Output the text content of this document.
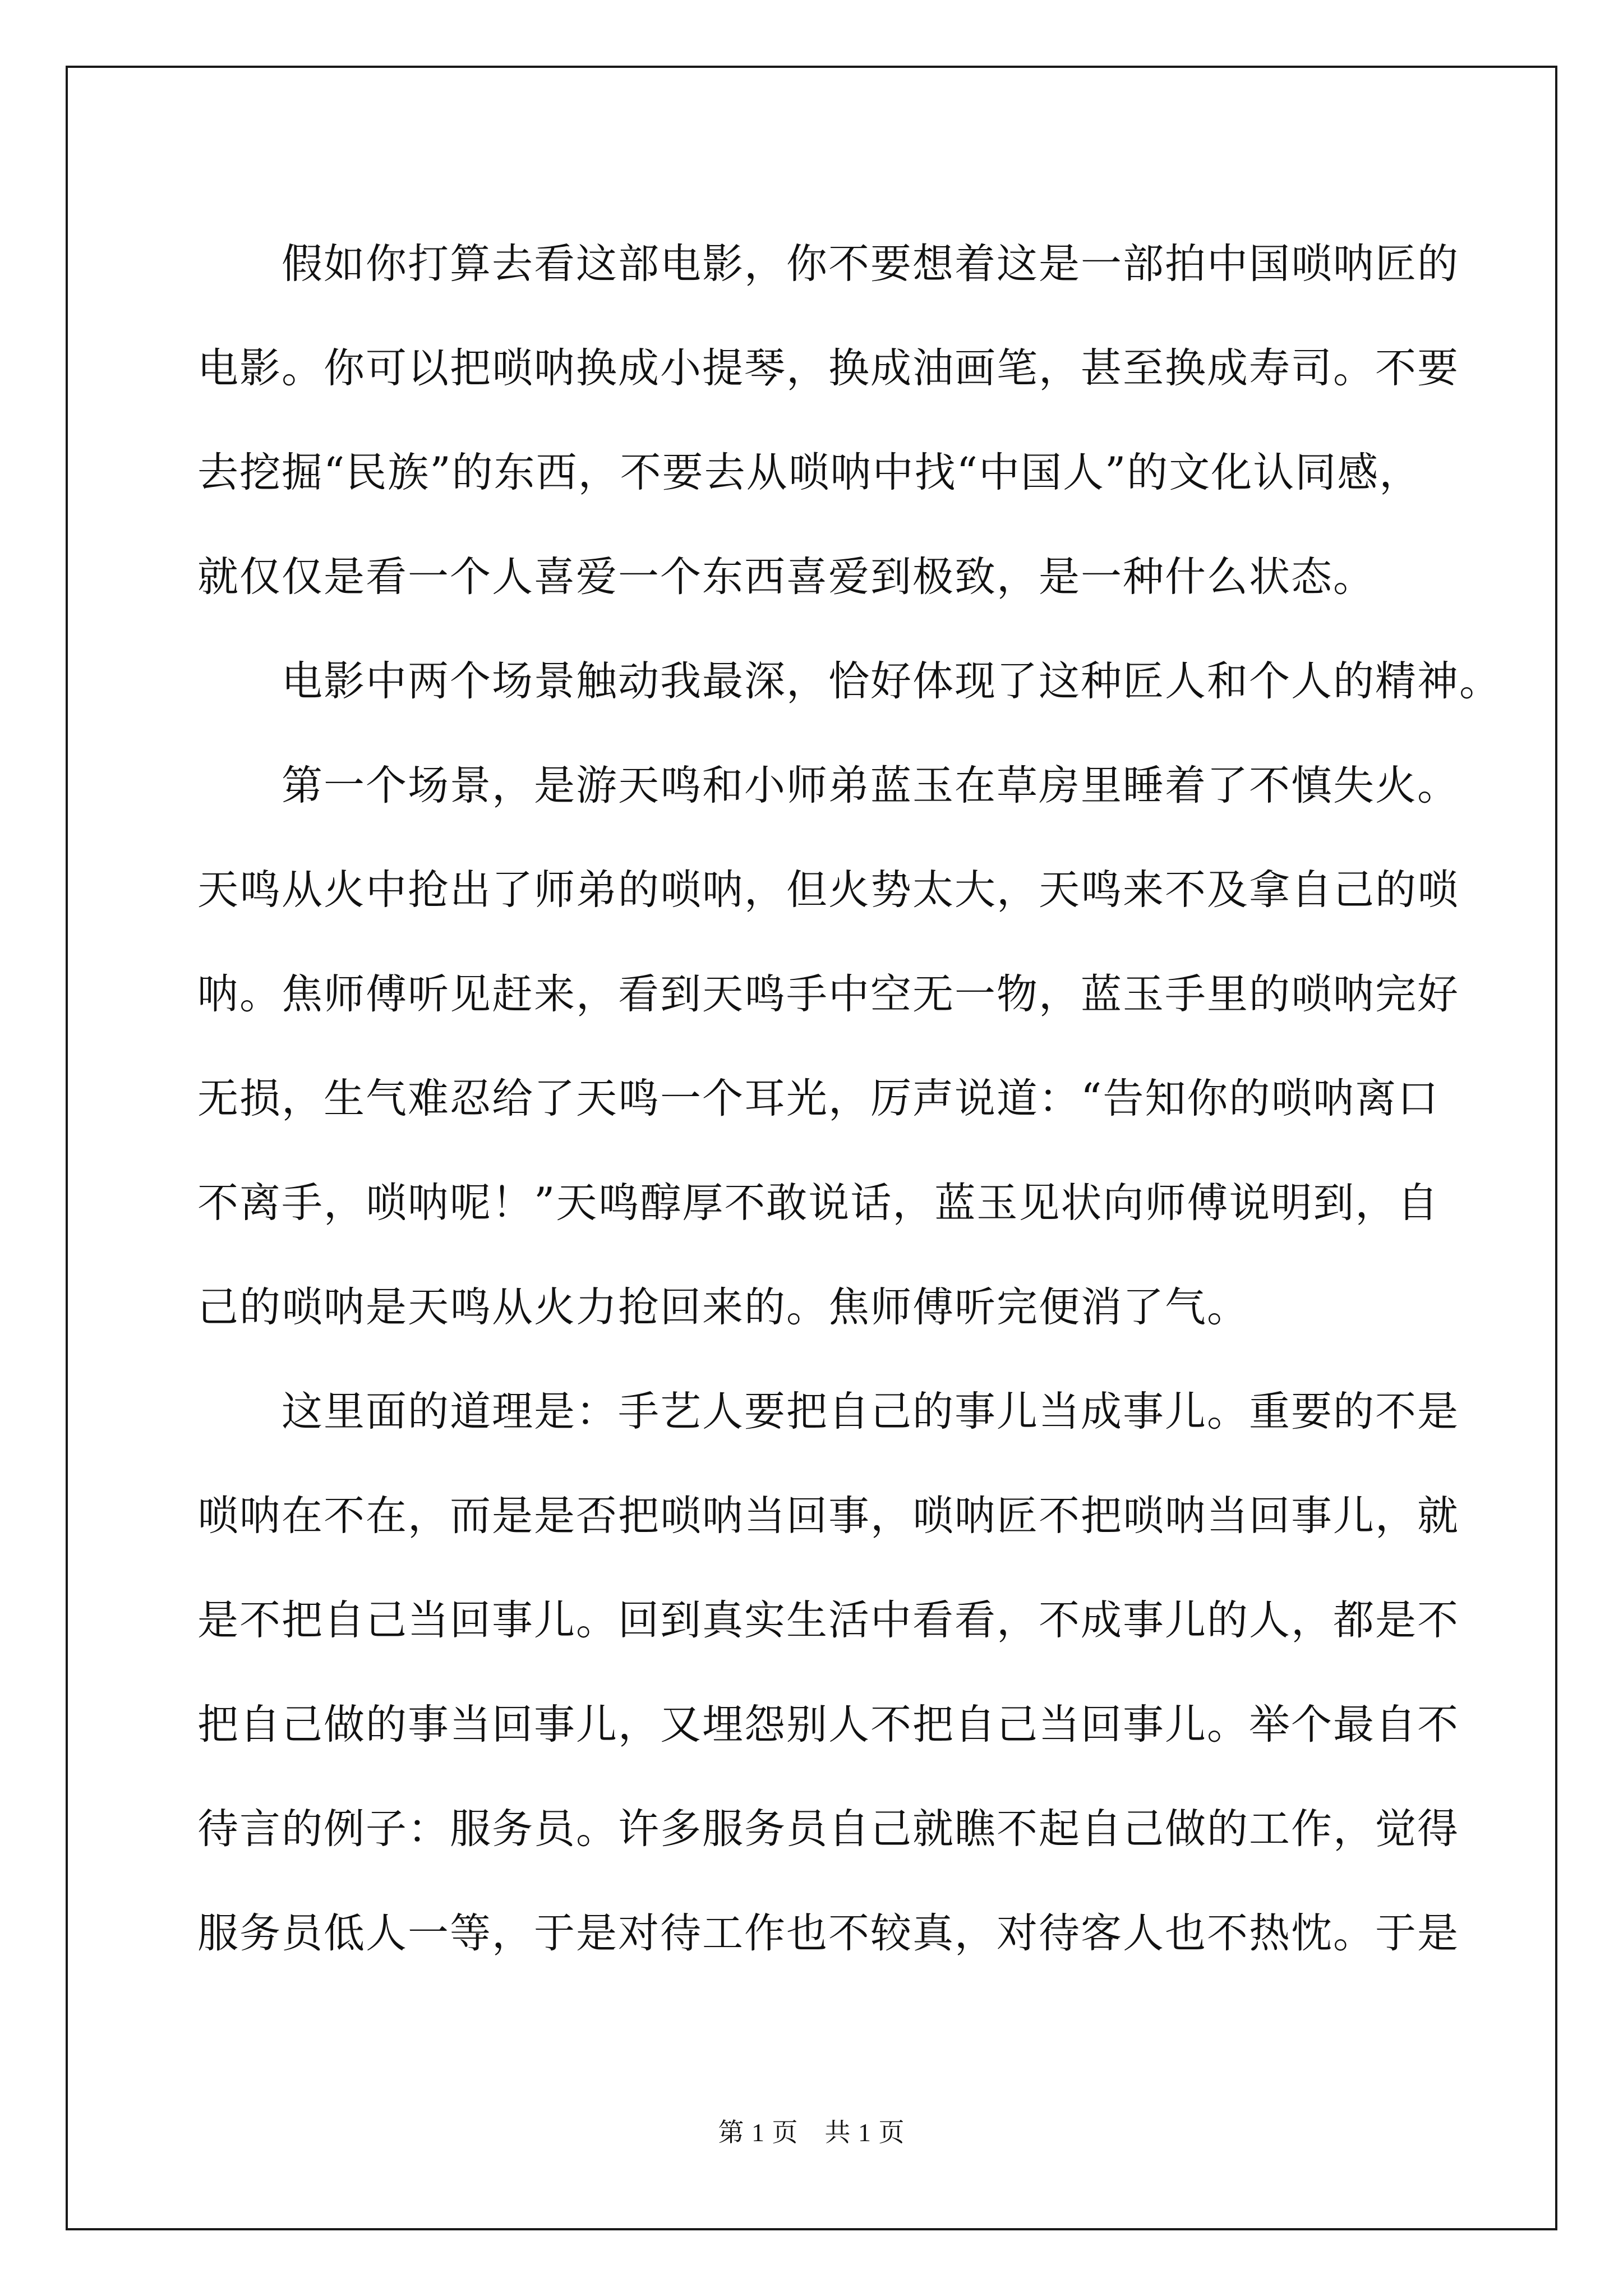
假如你打算去看这部电影，你不要想着这是一部拍中国唢呐匠的
电影。你可以把唢呐换成小提琴，换成油画笔，甚至换成寿司。不要
去挖掘“民族”的东西，不要去从唢呐中找“中国人”的文化认同感，
就仅仅是看一个人喜爱一个东西喜爱到极致，是一种什么状态。
电影中两个场景触动我最深，恰好体现了这种匠人和个人的精神。
第一个场景，是游天鸣和小师弟蓝玉在草房里睡着了不慎失火。
天鸣从火中抢出了师弟的唢呐，但火势太大，天鸣来不及拿自己的唢
呐。焦师傅听见赶来，看到天鸣手中空无一物，蓝玉手里的唢呐完好
无损，生气难忍给了天鸣一个耳光，厉声说道：“告知你的唢呐离口
不离手，唢呐呢！”天鸣醇厚不敢说话，蓝玉见状向师傅说明到，自
己的唢呐是天鸣从火力抢回来的。焦师傅听完便消了气。
这里面的道理是：手艺人要把自己的事儿当成事儿。重要的不是
唢呐在不在，而是是否把唢呐当回事，唢呐匠不把唢呐当回事儿，就
是不把自己当回事儿。回到真实生活中看看，不成事儿的人，都是不
把自己做的事当回事儿，又埋怨别人不把自己当回事儿。举个最自不
待言的例子：服务员。许多服务员自己就瞧不起自己做的工作，觉得
服务员低人一等，于是对待工作也不较真，对待客人也不热忱。于是
第 1 页　共 1 页
